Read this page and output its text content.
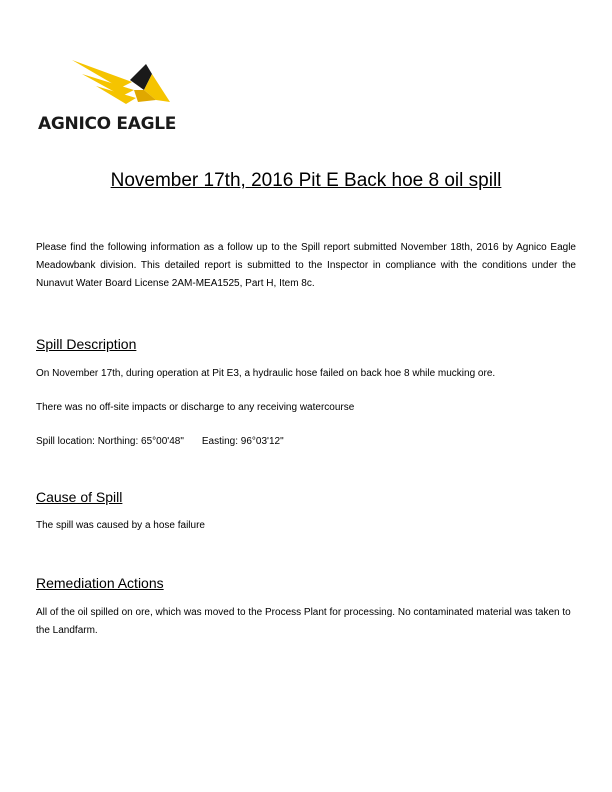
AGNICO EAGLE
November 17th, 2016 Pit E Back hoe 8 oil spill
Please find the following information as a follow up to the Spill report submitted November 18th, 2016 by Agnico Eagle Meadowbank division. This detailed report is submitted to the Inspector in compliance with the conditions under the Nunavut Water Board License 2AM-MEA1525, Part H, Item 8c.
Spill Description
On November 17th, during operation at Pit E3, a hydraulic hose failed on back hoe 8 while mucking ore.
There was no off-site impacts or discharge to any receiving watercourse
Spill location: Northing: 65°00'48" Easting: 96°03'12"
Cause of Spill
The spill was caused by a hose failure
Remediation Actions
All of the oil spilled on ore, which was moved to the Process Plant for processing. No contaminated material was taken to the Landfarm.
